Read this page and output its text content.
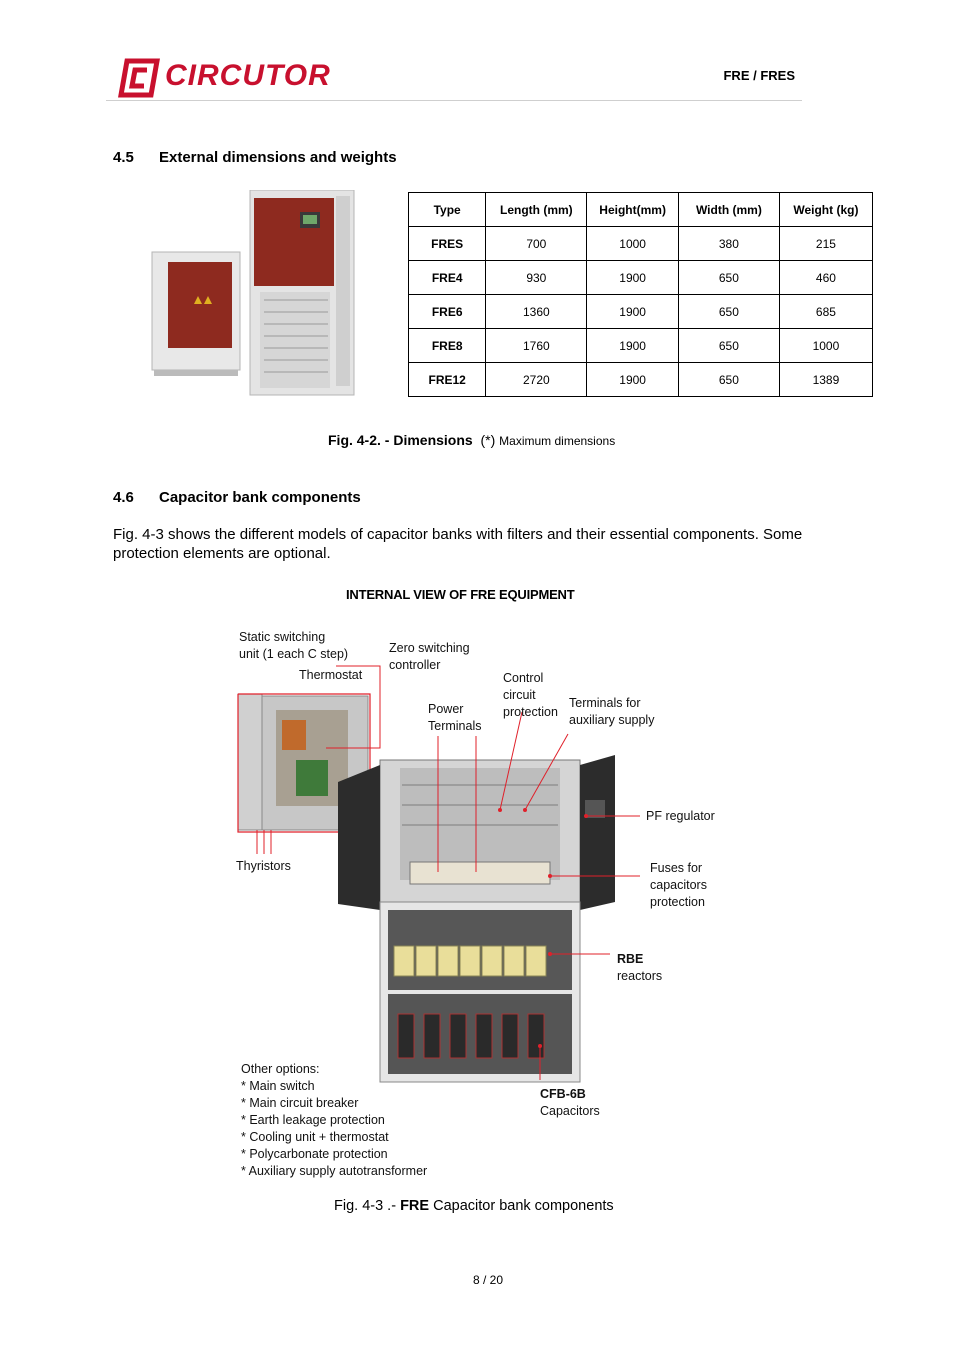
CIRCUTOR	FRE / FRES
4.5 External dimensions and weights
Type	Length (mm)	Height(mm)	Width (mm)	Weight (kg)
FRES	700	1000	380	215
FRE4	930	1900	650	460
FRE6	1360	1900	650	685
FRE8	1760	1900	650	1000
FRE12	2720	1900	650	1389
Fig. 4-2. - Dimensions (*) Maximum dimensions
4.6 Capacitor bank components
Fig. 4-3 shows the different models of capacitor banks with filters and their essential components. Some protection elements are optional.
INTERNAL VIEW OF FRE EQUIPMENT
Static switching
unit (1 each C step)	Zero switching
controller
Thermostat	Control
circuit
protection
Terminals for
auxiliary supply
Power
Terminals
PF regulator
Thyristors	Fuses for
capacitors
protection
RBE
reactors
CFB-6B
Capacitors
Other options:
* Main switch
* Main circuit breaker
* Earth leakage protection
* Cooling unit + thermostat
* Polycarbonate protection
* Auxiliary supply autotransformer
Fig. 4-3 .- FRE Capacitor bank components
8 / 20
